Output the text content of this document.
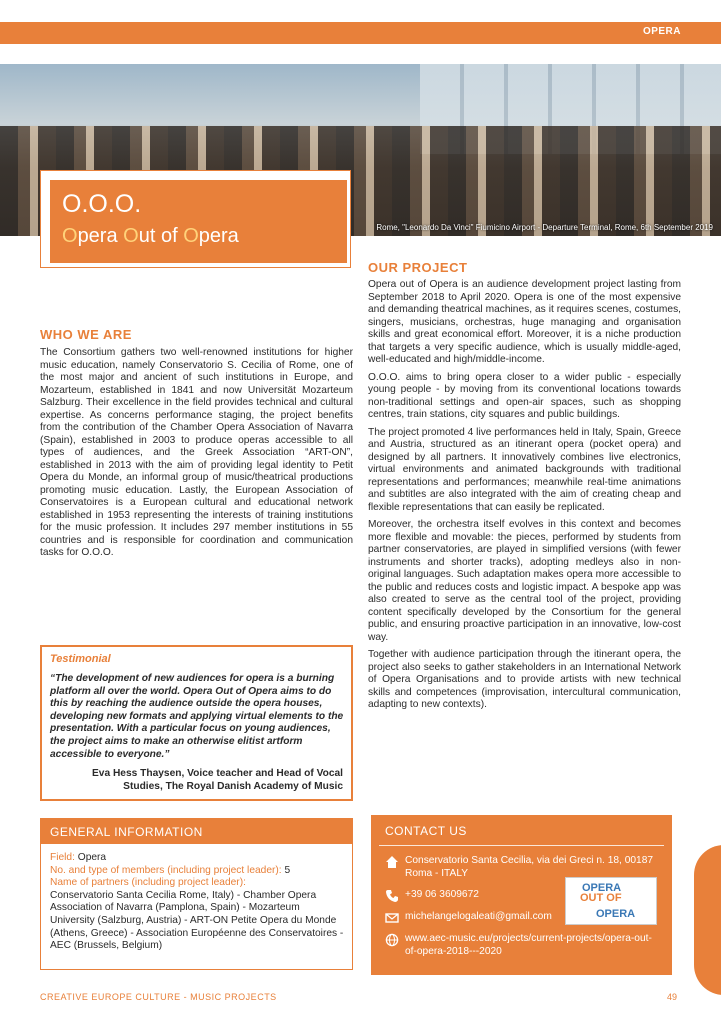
OPERA
Rome, "Leonardo Da Vinci" Fiumicino Airport - Departure Terminal, Rome, 6th September 2019
O.O.O.
Opera Out of Opera
WHO WE ARE
The Consortium gathers two well-renowned institutions for higher music education, namely Conservatorio S. Cecilia of Rome, one of the most major and ancient of such institutions in Europe, and Mozarteum, established in 1841 and now Universität Mozarteum Salzburg. Their excellence in the field provides technical and cultural expertise. As concerns performance staging, the project benefits from the contribution of the Chamber Opera Association of Navarra (Spain), established in 2003 to produce operas accessible to all types of audiences, and the Greek Association “ART-ON”, established in 2013 with the aim of providing legal identity to Petit Opera du Monde, an informal group of music/theatrical productions promoting music education. Lastly, the European Association of Conservatoires is a European cultural and educational network established in 1953 representing the interests of training institutions for the music profession. It includes 297 member institutions in 55 countries and is responsible for coordination and communication tasks for O.O.O.
OUR PROJECT

Opera out of Opera is an audience development project lasting from September 2018 to April 2020. Opera is one of the most expensive and demanding theatrical machines, as it requires scenes, costumes, singers, musicians, orchestras, huge managing and organisation skills and great economical effort. Moreover, it is a niche production that targets a very specific audience, which is usually middle-aged, well-educated and high/middle-income.

O.O.O. aims to bring opera closer to a wider public - especially young people - by moving from its conventional locations towards non-traditional settings and open-air spaces, such as shopping centres, train stations, city squares and public buildings.

The project promoted 4 live performances held in Italy, Spain, Greece and Austria, structured as an itinerant opera (pocket opera) and designed by all partners. It innovatively combines live electronics, virtual environments and animated backgrounds with traditional representations and performances; meanwhile real-time animations and subtitles are also integrated with the aim of creating cheap and flexible representations that can easily be replicated.

Moreover, the orchestra itself evolves in this context and becomes more flexible and movable: the pieces, performed by students from partner conservatories, are played in simplified versions (with fewer instruments and shorter tracks), adopting medleys also in non-original languages. Such adaptation makes opera more accessible to the public and reduces costs and logistic impact. A bespoke app was also created to serve as the central tool of the project, providing content specifically developed by the Consortium for the general public, and ensuring proactive participation in an innovative, low-cost way.

Together with audience participation through the itinerant opera, the project also seeks to gather stakeholders in an International Network of Opera Organisations and to provide artists with new technical skills and competences (improvisation, intercultural communication, adapting to new contexts).

Testimonial
“The development of new audiences for opera is a burning platform all over the world. Opera Out of Opera aims to do this by reaching the audience outside the opera houses, developing new formats and applying virtual elements to the presentation. With a particular focus on young audiences, the project aims to make an otherwise elitist artform accessible to everyone.”
Eva Hess Thaysen, Voice teacher and Head of Vocal Studies, The Royal Danish Academy of Music
GENERAL INFORMATION
Field: Opera
No. and type of members (including project leader): 5
Name of partners (including project leader):
Conservatorio Santa Cecilia Rome, Italy) - Chamber Opera Association of Navarra (Pamplona, Spain) - Mozarteum University (Salzburg, Austria) - ART-ON Petite Opera du Monde (Athens, Greece) - Association Européenne des Conservatoires - AEC (Brussels, Belgium)
CONTACT US
Conservatorio Santa Cecilia, via dei Greci n. 18, 00187 Roma - ITALY
+39 06 3609672
michelangelogaleati@gmail.com
www.aec-music.eu/projects/current-projects/opera-out-of-opera-2018---2020
OPERA
OUT OF
OPERA
CREATIVE EUROPE CULTURE - MUSIC PROJECTS	49
